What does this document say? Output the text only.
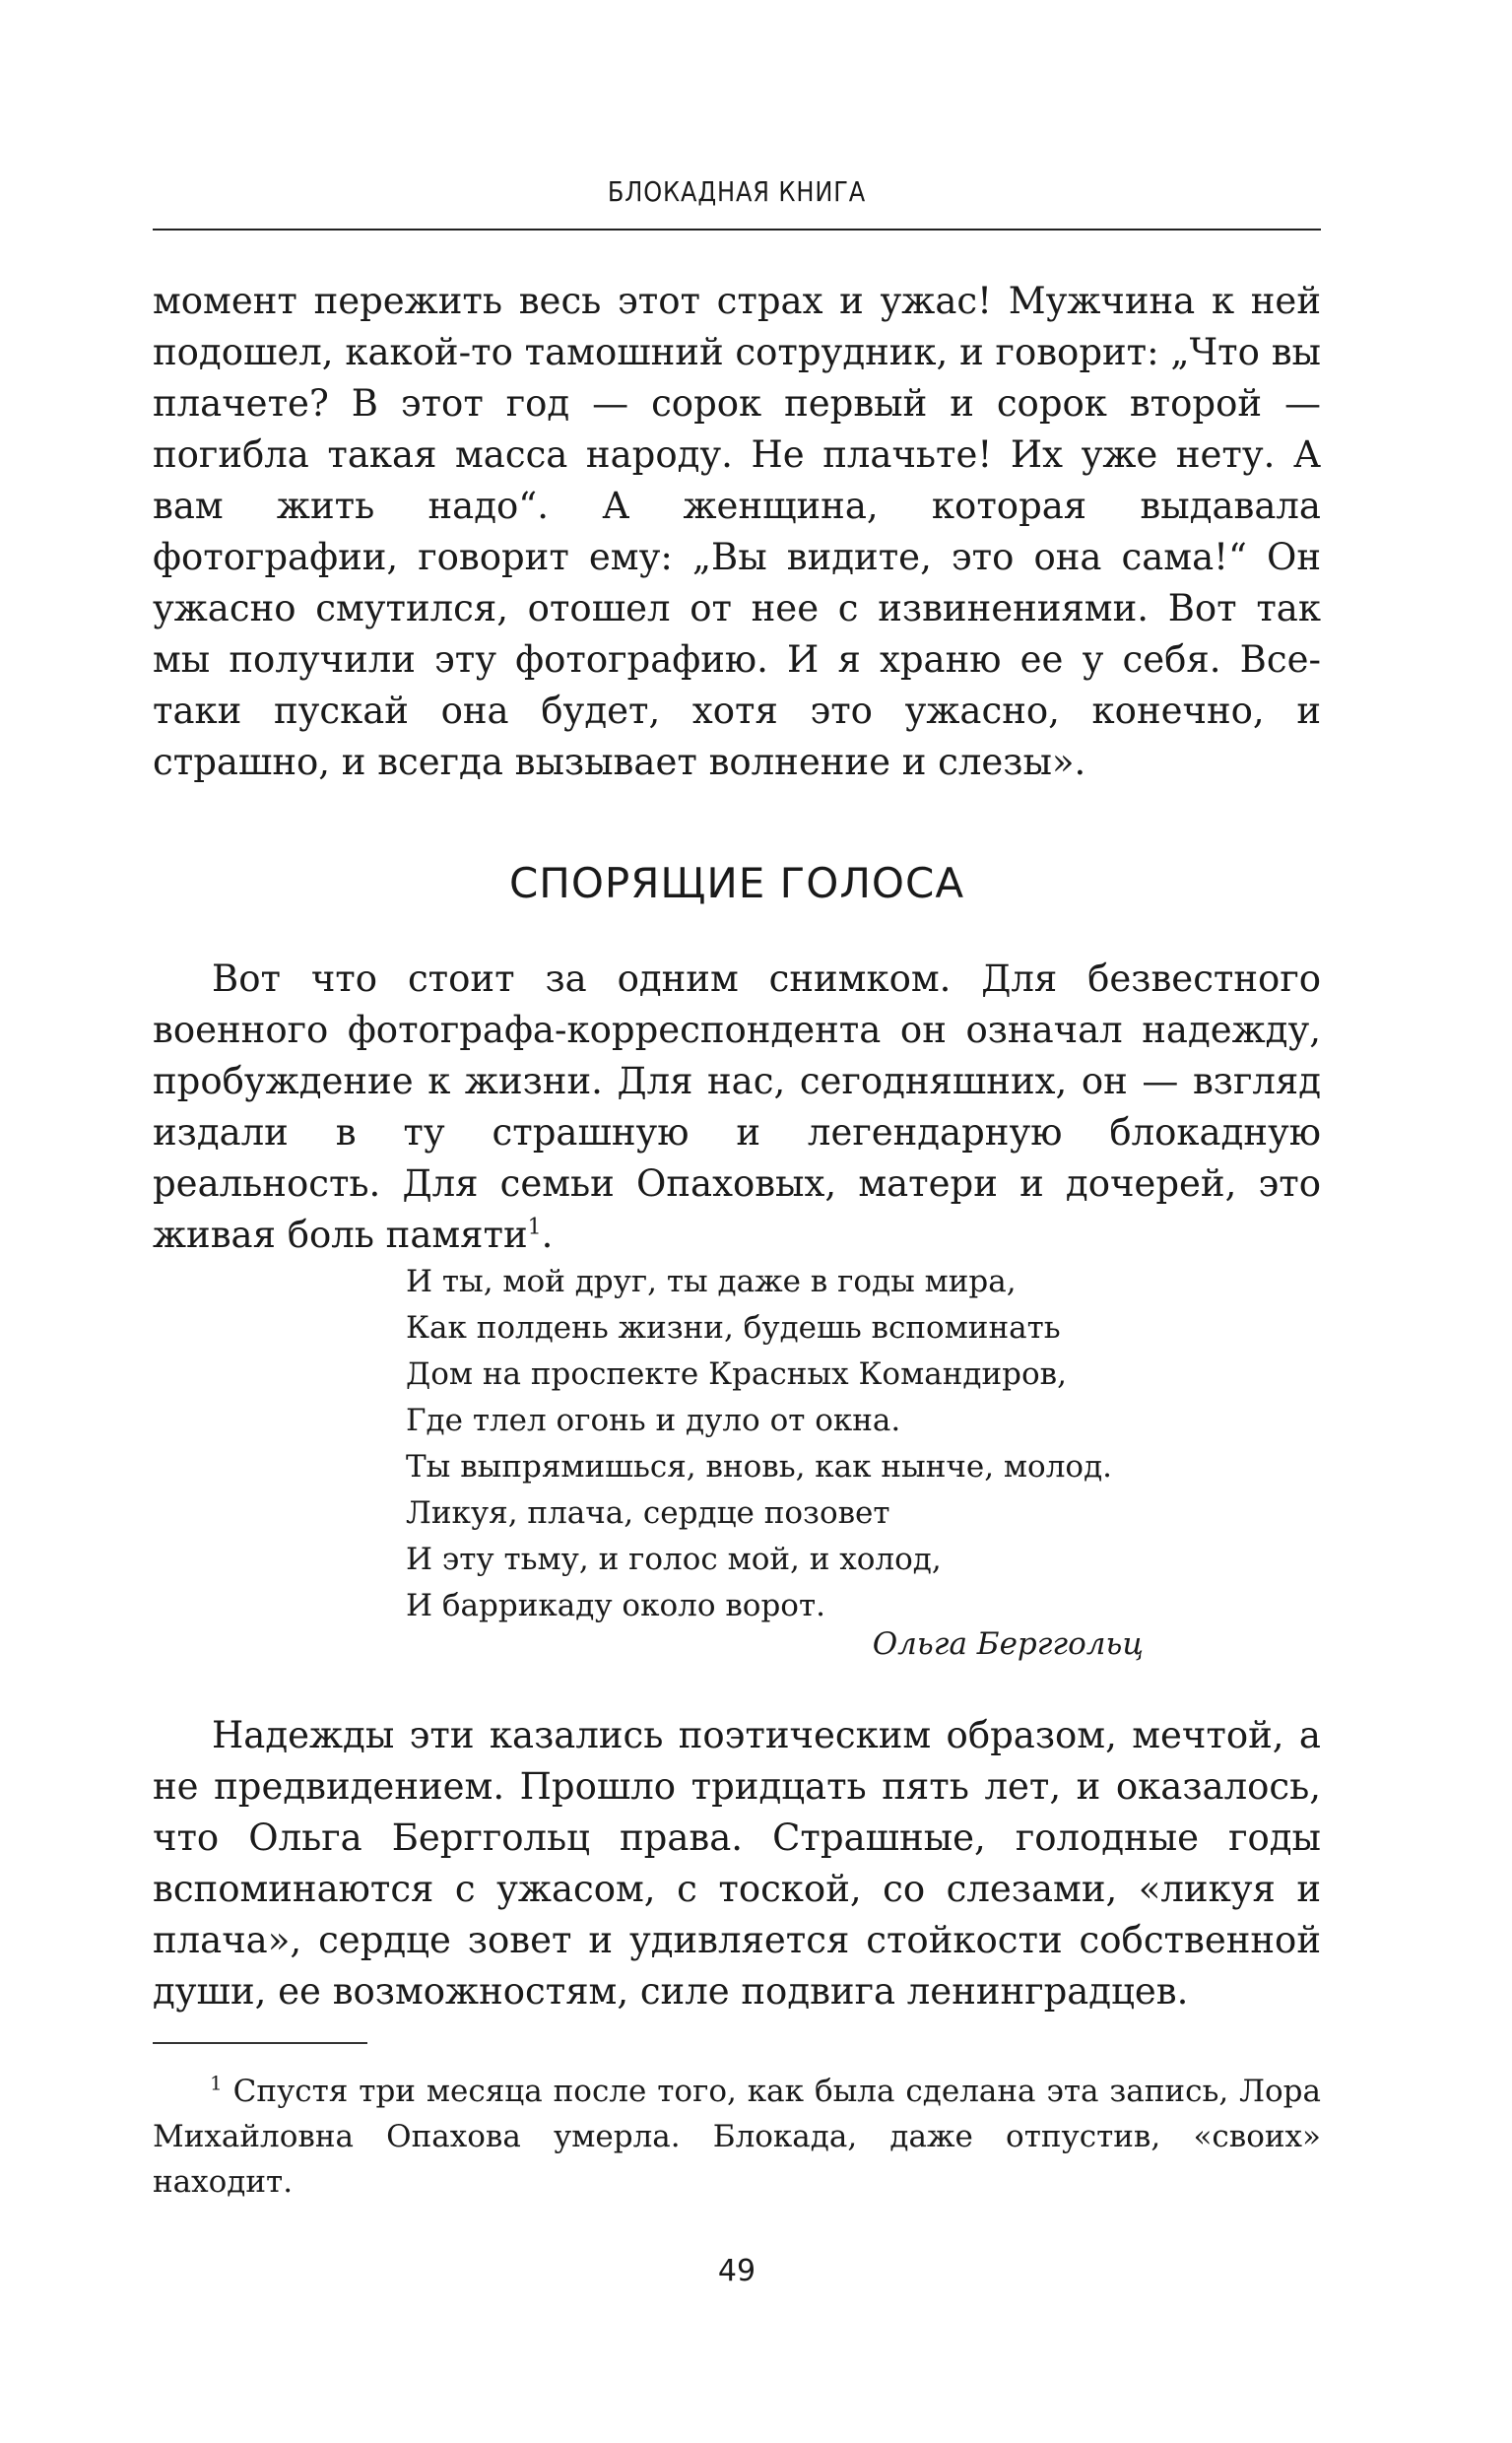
БЛОКАДНАЯ КНИГА

момент пережить весь этот страх и ужас! Мужчина к ней подошел, какой-то тамошний сотрудник, и говорит: „Что вы плачете? В этот год — сорок первый и сорок второй — погибла такая масса народу. Не плачьте! Их уже нету. А вам жить надо“. А женщина, которая выдавала фотографии, говорит ему: „Вы видите, это она сама!“ Он ужасно смутился, отошел от нее с извинениями. Вот так мы получили эту фотографию. И я храню ее у себя. Все-таки пускай она будет, хотя это ужасно, конечно, и страшно, и всегда вызывает волнение и слезы».

СПОРЯЩИЕ ГОЛОСА

Вот что стоит за одним снимком. Для безвестного военного фотографа-корреспондента он означал надежду, пробуждение к жизни. Для нас, сегодняшних, он — взгляд издали в ту страшную и легендарную блокадную реальность. Для семьи Опаховых, матери и дочерей, это живая боль памяти$^1$.

И ты, мой друг, ты даже в годы мира,
Как полдень жизни, будешь вспоминать
Дом на проспекте Красных Командиров,
Где тлел огонь и дуло от окна.
Ты выпрямишься, вновь, как нынче, молод.
Ликуя, плача, сердце позовет
И эту тьму, и голос мой, и холод,
И баррикаду около ворот.
Ольга Берггольц

Надежды эти казались поэтическим образом, мечтой, а не предвидением. Прошло тридцать пять лет, и оказалось, что Ольга Берггольц права. Страшные, голодные годы вспоминаются с ужасом, с тоской, со слезами, «ликуя и плача», сердце зовет и удивляется стойкости собственной души, ее возможностям, силе подвига ленинградцев.

$^1$ Спустя три месяца после того, как была сделана эта запись, Лора Михайловна Опахова умерла. Блокада, даже отпустив, «своих» находит.
49
